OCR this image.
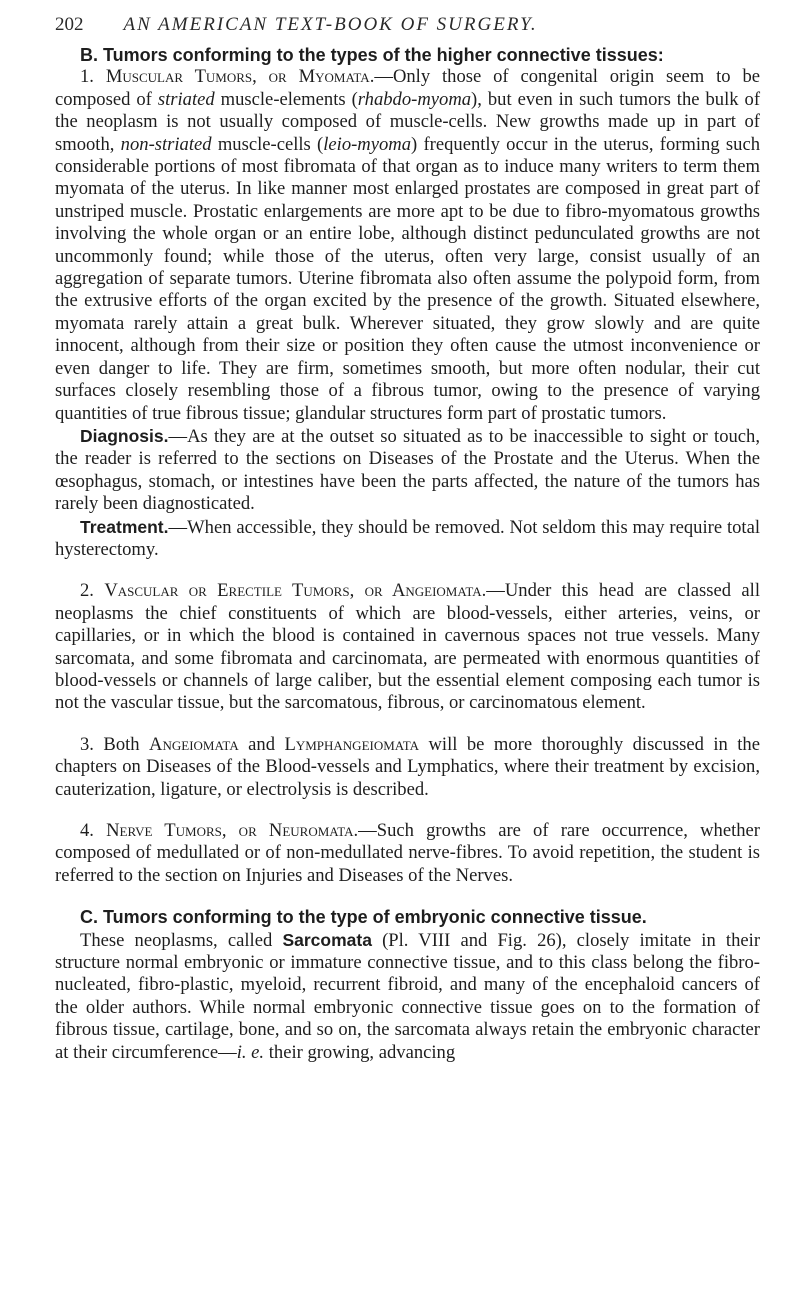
202 AN AMERICAN TEXT-BOOK OF SURGERY.

B. Tumors conforming to the types of the higher connective tissues:

1. Muscular Tumors, or Myomata.—Only those of congenital origin seem to be composed of striated muscle-elements (rhabdo-myoma), but even in such tumors the bulk of the neoplasm is not usually composed of muscle-cells. New growths made up in part of smooth, non-striated muscle-cells (leio-myoma) frequently occur in the uterus, forming such considerable portions of most fibromata of that organ as to induce many writers to term them myomata of the uterus. In like manner most enlarged prostates are composed in great part of unstriped muscle. Prostatic enlargements are more apt to be due to fibro-myomatous growths involving the whole organ or an entire lobe, although distinct pedunculated growths are not uncommonly found; while those of the uterus, often very large, consist usually of an aggregation of separate tumors. Uterine fibromata also often assume the polypoid form, from the extrusive efforts of the organ excited by the presence of the growth. Situated elsewhere, myomata rarely attain a great bulk. Wherever situated, they grow slowly and are quite innocent, although from their size or position they often cause the utmost inconvenience or even danger to life. They are firm, sometimes smooth, but more often nodular, their cut surfaces closely resembling those of a fibrous tumor, owing to the presence of varying quantities of true fibrous tissue; glandular structures form part of prostatic tumors.

Diagnosis.—As they are at the outset so situated as to be inaccessible to sight or touch, the reader is referred to the sections on Diseases of the Prostate and the Uterus. When the œsophagus, stomach, or intestines have been the parts affected, the nature of the tumors has rarely been diagnosticated.

Treatment.—When accessible, they should be removed. Not seldom this may require total hysterectomy.

2. Vascular or Erectile Tumors, or Angeiomata.—Under this head are classed all neoplasms the chief constituents of which are blood-vessels, either arteries, veins, or capillaries, or in which the blood is contained in cavernous spaces not true vessels. Many sarcomata, and some fibromata and carcinomata, are permeated with enormous quantities of blood-vessels or channels of large caliber, but the essential element composing each tumor is not the vascular tissue, but the sarcomatous, fibrous, or carcinomatous element.

3. Both Angeiomata and Lymphangeiomata will be more thoroughly discussed in the chapters on Diseases of the Blood-vessels and Lymphatics, where their treatment by excision, cauterization, ligature, or electrolysis is described.

4. Nerve Tumors, or Neuromata.—Such growths are of rare occurrence, whether composed of medullated or of non-medullated nerve-fibres. To avoid repetition, the student is referred to the section on Injuries and Diseases of the Nerves.

C. Tumors conforming to the type of embryonic connective tissue.

These neoplasms, called Sarcomata (Pl. VIII and Fig. 26), closely imitate in their structure normal embryonic or immature connective tissue, and to this class belong the fibro-nucleated, fibro-plastic, myeloid, recurrent fibroid, and many of the encephaloid cancers of the older authors. While normal embryonic connective tissue goes on to the formation of fibrous tissue, cartilage, bone, and so on, the sarcomata always retain the embryonic character at their circumference—i. e. their growing, advancing
